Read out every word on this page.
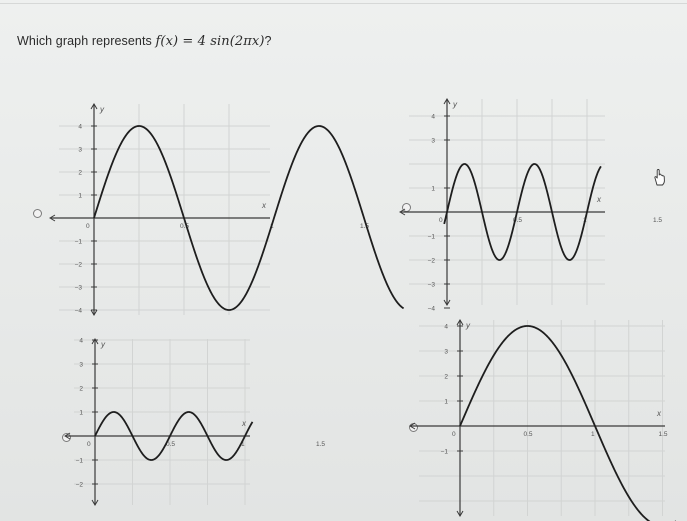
Which graph represents f(x) = 4 sin(2πx)?
y
x
0	0.5	1	1.5
4
3
2
1
−1
−2
−3
−4
y
x
0	0.5	1	1.5
4
3
1
−1
−2
−3
−4
y
x
0	0.5	1	1.5
4
3
2
1
−1
−2
y
x
0	0.5	1	1.5
4
3
2
1
−1
